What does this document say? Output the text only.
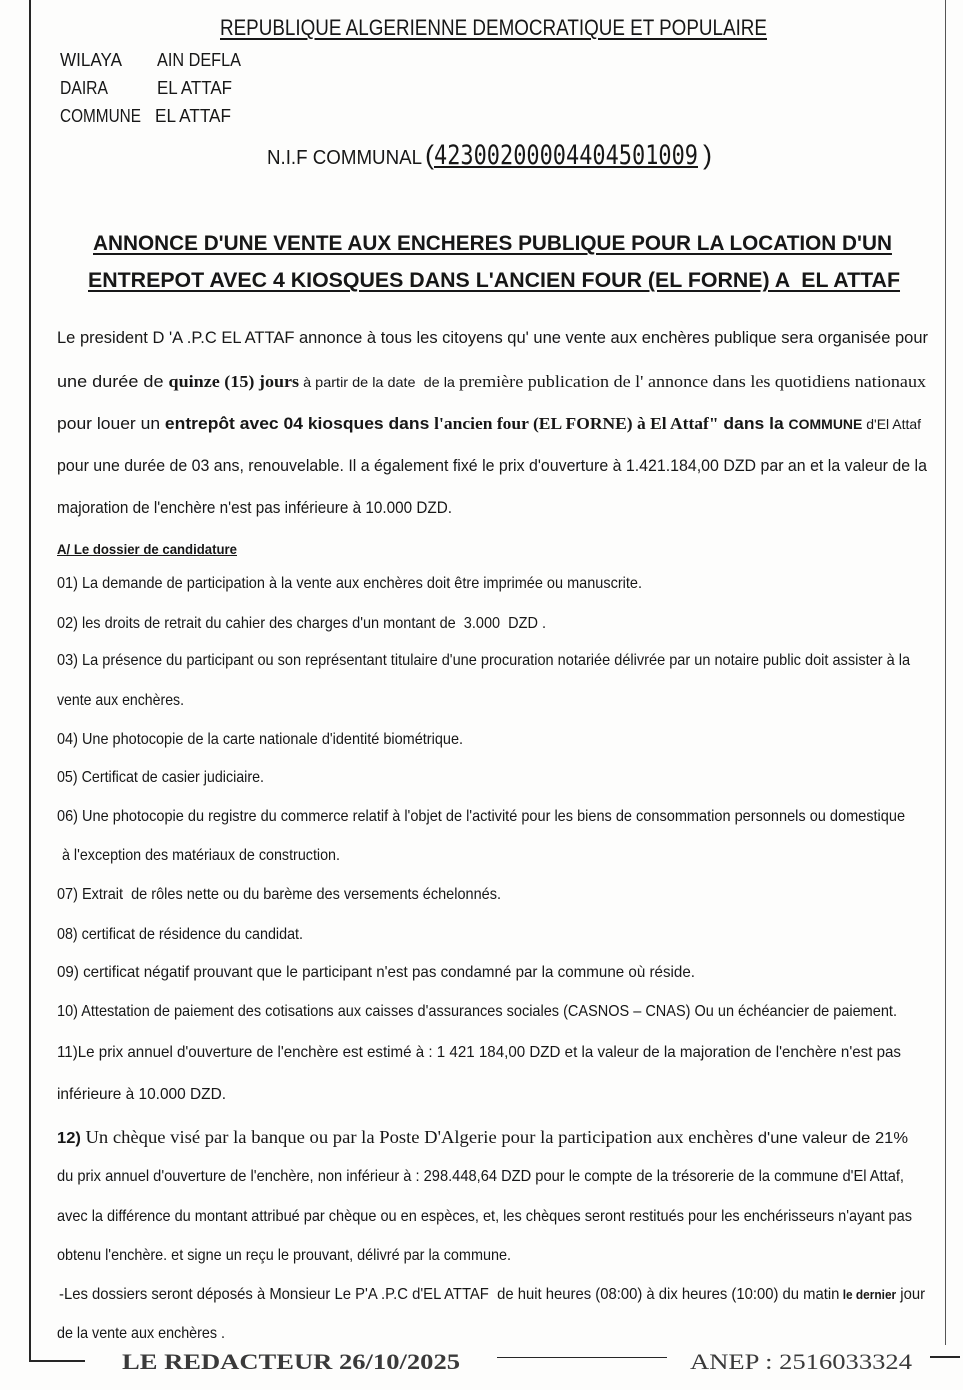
REPUBLIQUE ALGERIENNE DEMOCRATIQUE ET POPULAIRE
WILAYA AIN DEFLA
DAIRA	EL ATTAF
COMMUNE EL ATTAF
N.I.F COMMUNAL ( 42300200004404501009 )
ANNONCE D'UNE VENTE AUX ENCHERES PUBLIQUE POUR LA LOCATION D'UN
ENTREPOT AVEC 4 KIOSQUES DANS L'ANCIEN FOUR (EL FORNE) A  EL ATTAF
Le president D 'A .P.C EL ATTAF annonce à tous les citoyens qu' une vente aux enchères publique sera organisée pour
une durée de quinze (15) jours à partir de la date  de la première publication de l' annonce dans les quotidiens nationaux
pour louer un entrepôt avec 04 kiosques dans l'ancien four (EL FORNE) à El Attaf" dans la COMMUNE d'El Attaf
pour une durée de 03 ans, renouvelable. Il a également fixé le prix d'ouverture à 1.421.184,00 DZD par an et la valeur de la
majoration de l'enchère n'est pas inférieure à 10.000 DZD.
A/ Le dossier de candidature
01) La demande de participation à la vente aux enchères doit être imprimée ou manuscrite.
02) les droits de retrait du cahier des charges d'un montant de  3.000  DZD .
03) La présence du participant ou son représentant titulaire d'une procuration notariée délivrée par un notaire public doit assister à la
vente aux enchères.
04) Une photocopie de la carte nationale d'identité biométrique.
05) Certificat de casier judiciaire.
06) Une photocopie du registre du commerce relatif à l'objet de l'activité pour les biens de consommation personnels ou domestique
à l'exception des matériaux de construction.
07) Extrait  de rôles nette ou du barème des versements échelonnés.
08) certificat de résidence du candidat.
09) certificat négatif prouvant que le participant n'est pas condamné par la commune où réside.
10) Attestation de paiement des cotisations aux caisses d'assurances sociales (CASNOS – CNAS) Ou un échéancier de paiement.
11)Le prix annuel d'ouverture de l'enchère est estimé à : 1 421 184,00 DZD et la valeur de la majoration de l'enchère n'est pas
inférieure à 10.000 DZD.
12) Un chèque visé par la banque ou par la Poste D'Algerie pour la participation aux enchères d'une valeur de 21%
du prix annuel d'ouverture de l'enchère, non inférieur à : 298.448,64 DZD pour le compte de la trésorerie de la commune d'El Attaf,
avec la différence du montant attribué par chèque ou en espèces, et, les chèques seront restitués pour les enchérisseurs n'ayant pas
obtenu l'enchère. et signe un reçu le prouvant, délivré par la commune.
-Les dossiers seront déposés à Monsieur Le P'A .P.C d'EL ATTAF  de huit heures (08:00) à dix heures (10:00) du matin le dernier jour
de la vente aux enchères .
LE REDACTEUR 26/10/2025	ANEP : 2516033324
